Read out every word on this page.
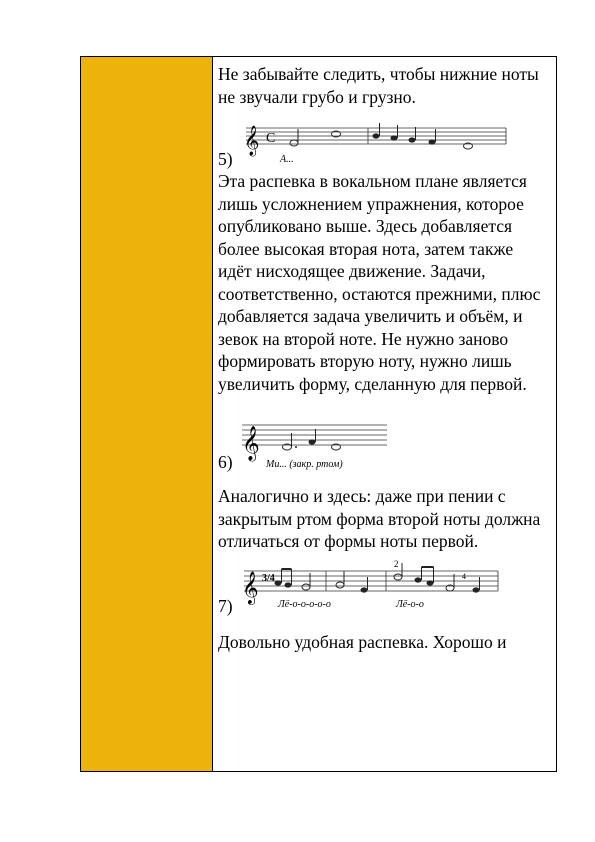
Не забывайте следить, чтобы нижние ноты не звучали грубо и грузно.

𝄞 C
А...
5)

Эта распевка в вокальном плане является лишь усложнением упражнения, которое опубликовано выше. Здесь добавляется более высокая вторая нота, затем также идёт нисходящее движение. Задачи, соответственно, остаются прежними, плюс добавляется задача увеличить и объём, и зевок на второй ноте. Не нужно заново формировать вторую ноту, нужно лишь увеличить форму, сделанную для первой.

𝄞
Ми... (закр. ртом)
6)

Аналогично и здесь: даже при пении с закрытым ртом форма второй ноты должна отличаться от формы ноты первой.

𝄞 3/4
2
4
Лё-о-о-о-о-о	Лё-о-о
7)

Довольно удобная распевка. Хорошо и
